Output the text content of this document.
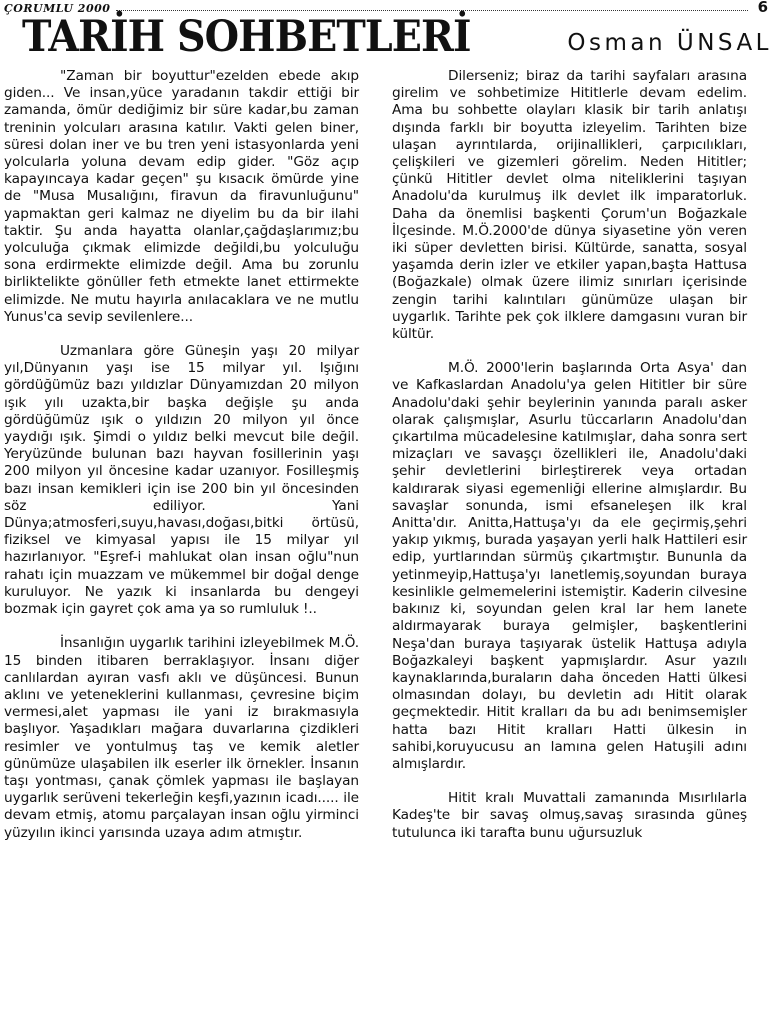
ÇORUMLU 2000	6
TARİH SOHBETLERİ	Osman ÜNSAL

"Zaman bir boyuttur"ezelden ebede akıp giden... Ve insan,yüce yaradanın takdir ettiği bir zamanda, ömür dediğimiz bir süre kadar,bu zaman treninin yolcuları arasına katılır. Vakti gelen biner, süresi dolan iner ve bu tren yeni istasyonlarda yeni yolcularla yoluna devam edip gider. "Göz açıp kapayıncaya kadar geçen" şu kısacık ömürde yine de "Musa Musalığını, firavun da firavunluğunu" yapmaktan geri kalmaz ne diyelim bu da bir ilahi taktir. Şu anda hayatta olanlar,çağdaşlarımız;bu yolculuğa çıkmak elimizde değildi,bu yolculuğu sona erdirmekte elimizde değil. Ama bu zorunlu birliktelikte gönüller feth etmekte lanet ettirmekte elimizde. Ne mutu hayırla anılacaklara ve ne mutlu Yunus'ca sevip sevilenlere...

Uzmanlara göre Güneşin yaşı 20 milyar yıl,Dünyanın yaşı ise 15 milyar yıl. Işığını gördüğümüz bazı yıldızlar Dünyamızdan 20 milyon ışık yılı uzakta,bir başka değişle şu anda gördüğümüz ışık o yıldızın 20 milyon yıl önce yaydığı ışık. Şimdi o yıldız belki mevcut bile değil. Yeryüzünde bulunan bazı hayvan fosillerinin yaşı 200 milyon yıl öncesine kadar uzanıyor. Fosilleşmiş bazı insan kemikleri için ise 200 bin yıl öncesinden söz ediliyor. Yani Dünya;atmosferi,suyu,havası,doğası,bitki örtüsü, fiziksel ve kimyasal yapısı ile 15 milyar yıl hazırlanıyor. "Eşref-i mahlukat olan insan oğlu"nun rahatı için muazzam ve mükemmel bir doğal denge kuruluyor. Ne yazık ki insanlarda bu dengeyi bozmak için gayret çok ama ya so rumluluk !..

İnsanlığın uygarlık tarihini izleyebilmek M.Ö. 15 binden itibaren berraklaşıyor. İnsanı diğer canlılardan ayıran vasfı aklı ve düşüncesi. Bunun aklını ve yeteneklerini kullanması, çevresine biçim vermesi,alet yapması ile yani iz bırakmasıyla başlıyor. Yaşadıkları mağara duvarlarına çizdikleri resimler ve yontulmuş taş ve kemik aletler günümüze ulaşabilen ilk eserler ilk örnekler. İnsanın taşı yontması, çanak çömlek yapması ile başlayan uygarlık serüveni tekerleğin keşfi,yazının icadı..... ile devam etmiş, atomu parçalayan insan oğlu yirminci yüzyılın ikinci yarısında uzaya adım atmıştır.

Dilerseniz; biraz da tarihi sayfaları arasına girelim ve sohbetimize Hititlerle devam edelim. Ama bu sohbette olayları klasik bir tarih anlatışı dışında farklı bir boyutta izleyelim. Tarihten bize ulaşan ayrıntılarda, orijinallikleri, çarpıcılıkları, çelişkileri ve gizemleri görelim. Neden Hititler; çünkü Hititler devlet olma niteliklerini taşıyan Anadolu'da kurulmuş ilk devlet ilk imparatorluk. Daha da önemlisi başkenti Çorum'un Boğazkale İlçesinde. M.Ö.2000'de dünya siyasetine yön veren iki süper devletten birisi. Kültürde, sanatta, sosyal yaşamda derin izler ve etkiler yapan,başta Hattusa (Boğazkale) olmak üzere ilimiz sınırları içerisinde zengin tarihi kalıntıları günümüze ulaşan bir uygarlık. Tarihte pek çok ilklere damgasını vuran bir kültür.

M.Ö. 2000'lerin başlarında Orta Asya' dan ve Kafkaslardan Anadolu'ya gelen Hititler bir süre Anadolu'daki şehir beylerinin yanında paralı asker olarak çalışmışlar, Asurlu tüccarların Anadolu'dan çıkartılma mücadelesine katılmışlar, daha sonra sert mizaçları ve savaşçı özellikleri ile, Anadolu'daki şehir devletlerini birleştirerek veya ortadan kaldırarak siyasi egemenliği ellerine almışlardır. Bu savaşlar sonunda, ismi efsaneleşen ilk kral Anitta'dır. Anitta,Hattuşa'yı da ele geçirmiş,şehri yakıp yıkmış, burada yaşayan yerli halk Hattileri esir edip, yurtlarından sürmüş çıkartmıştır. Bununla da yetinmeyip,Hattuşa'yı lanetlemiş,soyundan buraya kesinlikle gelmemelerini istemiştir. Kaderin cilvesine bakınız ki, soyundan gelen kral lar hem lanete aldırmayarak buraya gelmişler, başkentlerini Neşa'dan buraya taşıyarak üstelik Hattuşa adıyla Boğazkaleyi başkent yapmışlardır. Asur yazılı kaynaklarında,buraların daha önceden Hatti ülkesi olmasından dolayı, bu devletin adı Hitit olarak geçmektedir. Hitit kralları da bu adı benimsemişler hatta bazı Hitit kralları Hatti ülkesin in sahibi,koruyucusu an lamına gelen Hatuşili adını almışlardır.

Hitit kralı Muvattali zamanında Mısırlılarla Kadeş'te bir savaş olmuş,savaş sırasında güneş tutulunca iki tarafta bunu uğursuzluk
